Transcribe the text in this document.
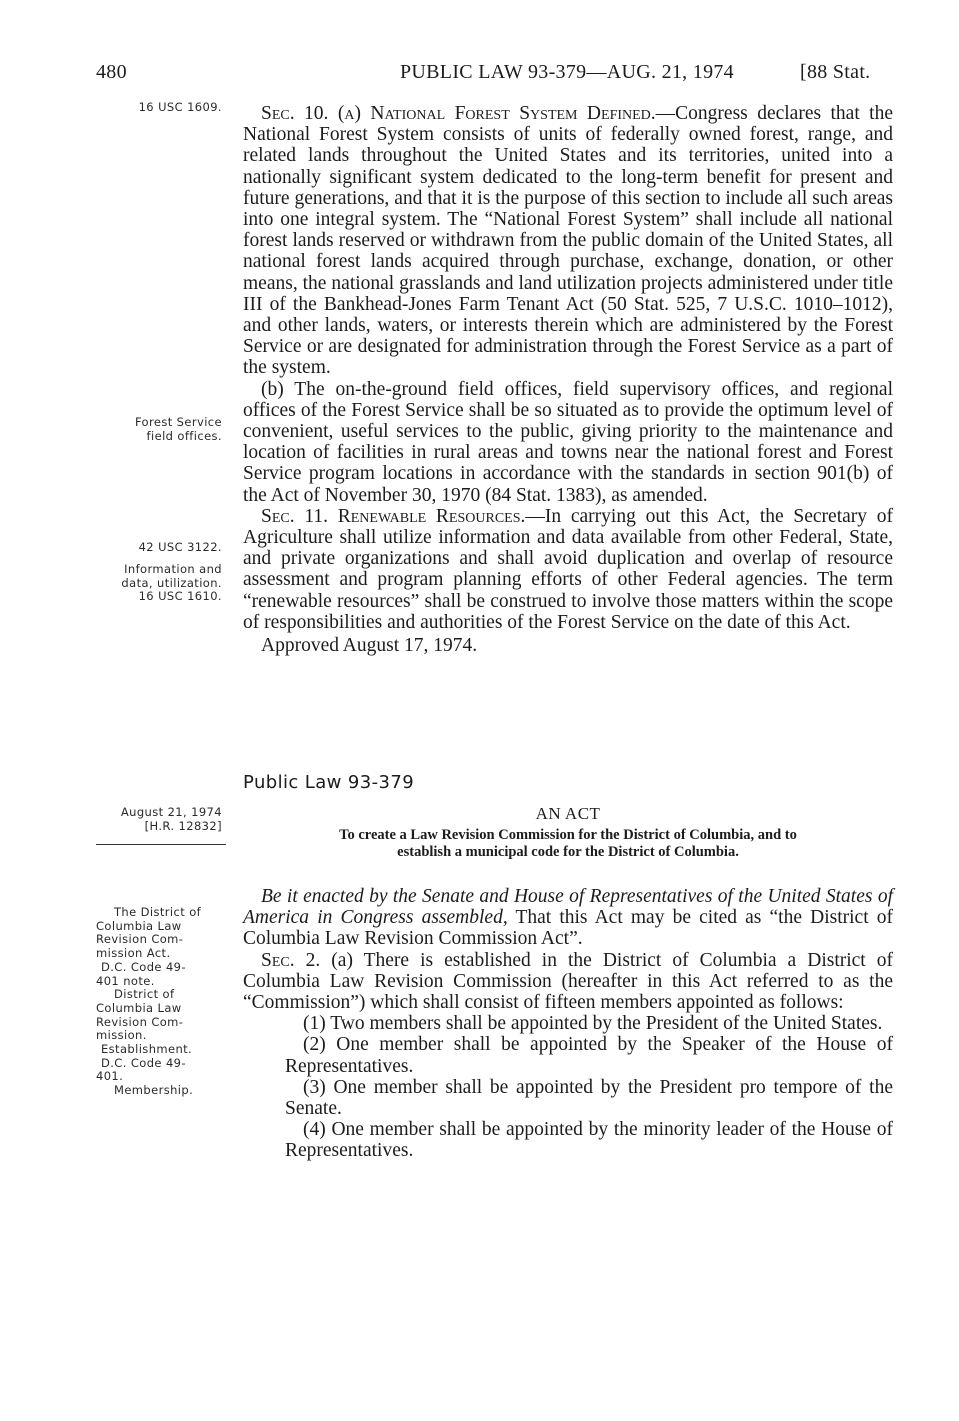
480	PUBLIC LAW 93-379—AUG. 21, 1974	[88 Stat.
16 USC 1609.
Forest Service
field offices.
42 USC 3122.
Information and
data, utilization.
16 USC 1610.
August 21, 1974
[H.R. 12832]
The District of
Columbia Law
Revision Com-
mission Act.
D.C. Code 49-
401 note.
District of
Columbia Law
Revision Com-
mission.
Establishment.
D.C. Code 49-
401.
Membership.

Sec. 10. (a) National Forest System Defined.—Congress declares that the National Forest System consists of units of federally owned forest, range, and related lands throughout the United States and its territories, united into a nationally significant system dedicated to the long-term benefit for present and future generations, and that it is the purpose of this section to include all such areas into one integral system. The “National Forest System” shall include all national forest lands reserved or withdrawn from the public domain of the United States, all national forest lands acquired through purchase, exchange, donation, or other means, the national grasslands and land utilization projects administered under title III of the Bankhead-Jones Farm Tenant Act (50 Stat. 525, 7 U.S.C. 1010–1012), and other lands, waters, or interests therein which are administered by the Forest Service or are designated for administration through the Forest Service as a part of the system.

(b) The on-the-ground field offices, field supervisory offices, and regional offices of the Forest Service shall be so situated as to provide the optimum level of convenient, useful services to the public, giving priority to the maintenance and location of facilities in rural areas and towns near the national forest and Forest Service program locations in accordance with the standards in section 901(b) of the Act of November 30, 1970 (84 Stat. 1383), as amended.

Sec. 11. Renewable Resources.—In carrying out this Act, the Secretary of Agriculture shall utilize information and data available from other Federal, State, and private organizations and shall avoid duplication and overlap of resource assessment and program planning efforts of other Federal agencies. The term “renewable resources” shall be construed to involve those matters within the scope of responsibilities and authorities of the Forest Service on the date of this Act.

Approved August 17, 1974.

Public Law 93-379
AN ACT
To create a Law Revision Commission for the District of Columbia, and to
establish a municipal code for the District of Columbia.

Be it enacted by the Senate and House of Representatives of the United States of America in Congress assembled, That this Act may be cited as “the District of Columbia Law Revision Commission Act”.

Sec. 2. (a) There is established in the District of Columbia a District of Columbia Law Revision Commission (hereafter in this Act referred to as the “Commission”) which shall consist of fifteen members appointed as follows:

(1) Two members shall be appointed by the President of the United States.

(2) One member shall be appointed by the Speaker of the House of Representatives.

(3) One member shall be appointed by the President pro tempore of the Senate.

(4) One member shall be appointed by the minority leader of the House of Representatives.
